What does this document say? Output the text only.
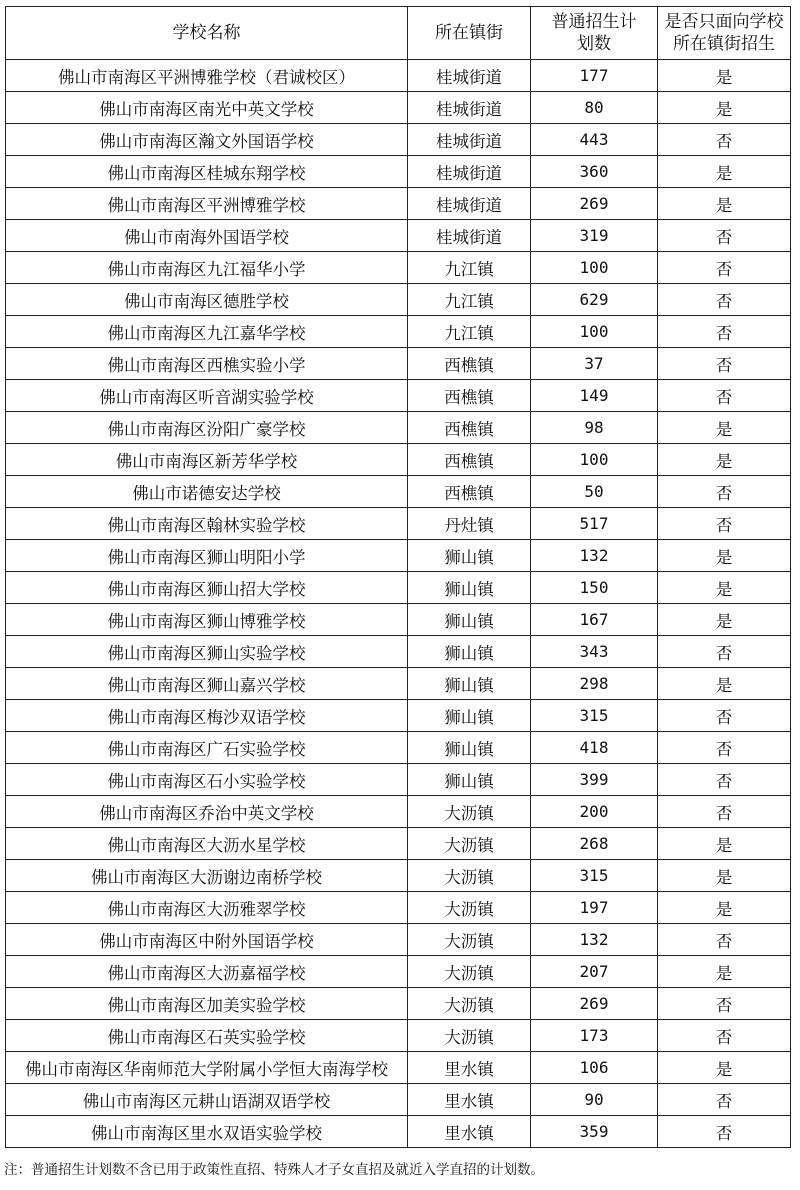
学校名称	所在镇街	普通招生计划数	是否只面向学校所在镇街招生

佛山市南海区平洲博雅学校（君诚校区）	桂城街道	177	是
佛山市南海区南光中英文学校	桂城街道	80	是
佛山市南海区瀚文外国语学校	桂城街道	443	否
佛山市南海区桂城东翔学校	桂城街道	360	是
佛山市南海区平洲博雅学校	桂城街道	269	是
佛山市南海外国语学校	桂城街道	319	否
佛山市南海区九江福华小学	九江镇	100	否
佛山市南海区德胜学校	九江镇	629	否
佛山市南海区九江嘉华学校	九江镇	100	否
佛山市南海区西樵实验小学	西樵镇	37	否
佛山市南海区听音湖实验学校	西樵镇	149	否
佛山市南海区汾阳广豪学校	西樵镇	98	是
佛山市南海区新芳华学校	西樵镇	100	是
佛山市诺德安达学校	西樵镇	50	否
佛山市南海区翰林实验学校	丹灶镇	517	否
佛山市南海区狮山明阳小学	狮山镇	132	是
佛山市南海区狮山招大学校	狮山镇	150	是
佛山市南海区狮山博雅学校	狮山镇	167	是
佛山市南海区狮山实验学校	狮山镇	343	否
佛山市南海区狮山嘉兴学校	狮山镇	298	是
佛山市南海区梅沙双语学校	狮山镇	315	否
佛山市南海区广石实验学校	狮山镇	418	否
佛山市南海区石小实验学校	狮山镇	399	否
佛山市南海区乔治中英文学校	大沥镇	200	否
佛山市南海区大沥水星学校	大沥镇	268	是
佛山市南海区大沥谢边南桥学校	大沥镇	315	是
佛山市南海区大沥雅翠学校	大沥镇	197	是
佛山市南海区中附外国语学校	大沥镇	132	否
佛山市南海区大沥嘉福学校	大沥镇	207	是
佛山市南海区加美实验学校	大沥镇	269	否
佛山市南海区石英实验学校	大沥镇	173	否
佛山市南海区华南师范大学附属小学恒大南海学校	里水镇	106	是
佛山市南海区元耕山语湖双语学校	里水镇	90	否
佛山市南海区里水双语实验学校	里水镇	359	否
注：普通招生计划数不含已用于政策性直招、特殊人才子女直招及就近入学直招的计划数。
